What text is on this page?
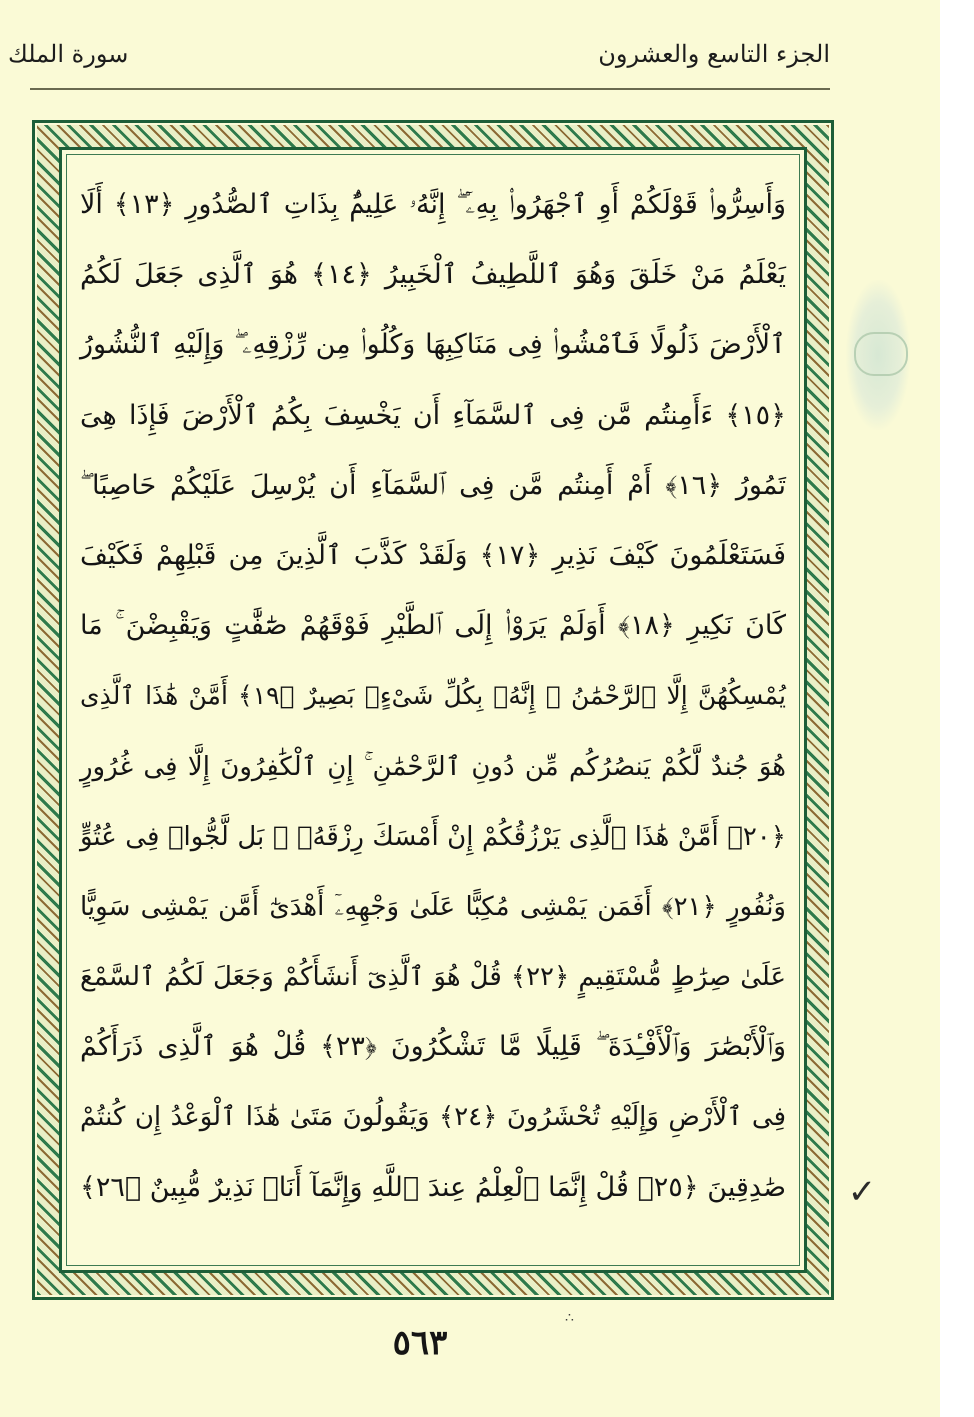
الجزء التاسع والعشرون
سورة الملك
وَأَسِرُّوا۟ قَوْلَكُمْ أَوِ ٱجْهَرُوا۟ بِهِۦٓ ۖ إِنَّهُۥ عَلِيمٌۢ بِذَاتِ ٱلصُّدُورِ ﴿١٣﴾ أَلَا
يَعْلَمُ مَنْ خَلَقَ وَهُوَ ٱللَّطِيفُ ٱلْخَبِيرُ ﴿١٤﴾ هُوَ ٱلَّذِى جَعَلَ لَكُمُ
ٱلْأَرْضَ ذَلُولًا فَٱمْشُوا۟ فِى مَنَاكِبِهَا وَكُلُوا۟ مِن رِّزْقِهِۦ ۖ وَإِلَيْهِ ٱلنُّشُورُ
﴿١٥﴾ ءَأَمِنتُم مَّن فِى ٱلسَّمَآءِ أَن يَخْسِفَ بِكُمُ ٱلْأَرْضَ فَإِذَا هِىَ
تَمُورُ ﴿١٦﴾ أَمْ أَمِنتُم مَّن فِى ٱلسَّمَآءِ أَن يُرْسِلَ عَلَيْكُمْ حَاصِبًا ۖ
فَسَتَعْلَمُونَ كَيْفَ نَذِيرِ ﴿١٧﴾ وَلَقَدْ كَذَّبَ ٱلَّذِينَ مِن قَبْلِهِمْ فَكَيْفَ
كَانَ نَكِيرِ ﴿١٨﴾ أَوَلَمْ يَرَوْا۟ إِلَى ٱلطَّيْرِ فَوْقَهُمْ صَٰٓفَّٰتٍ وَيَقْبِضْنَ ۚ مَا
يُمْسِكُهُنَّ إِلَّا ٱلرَّحْمَٰنُ ۚ إِنَّهُۥ بِكُلِّ شَىْءٍۭ بَصِيرٌ ﴿١٩﴾ أَمَّنْ هَٰذَا ٱلَّذِى
هُوَ جُندٌ لَّكُمْ يَنصُرُكُم مِّن دُونِ ٱلرَّحْمَٰنِ ۚ إِنِ ٱلْكَٰفِرُونَ إِلَّا فِى غُرُورٍ
﴿٢٠﴾ أَمَّنْ هَٰذَا ٱلَّذِى يَرْزُقُكُمْ إِنْ أَمْسَكَ رِزْقَهُۥ ۚ بَل لَّجُّوا۟ فِى عُتُوٍّ
وَنُفُورٍ ﴿٢١﴾ أَفَمَن يَمْشِى مُكِبًّا عَلَىٰ وَجْهِهِۦٓ أَهْدَىٰٓ أَمَّن يَمْشِى سَوِيًّا
عَلَىٰ صِرَٰطٍ مُّسْتَقِيمٍ ﴿٢٢﴾ قُلْ هُوَ ٱلَّذِىٓ أَنشَأَكُمْ وَجَعَلَ لَكُمُ ٱلسَّمْعَ
وَٱلْأَبْصَٰرَ وَٱلْأَفْـِٔدَةَ ۖ قَلِيلًا مَّا تَشْكُرُونَ ﴿٢٣﴾ قُلْ هُوَ ٱلَّذِى ذَرَأَكُمْ
فِى ٱلْأَرْضِ وَإِلَيْهِ تُحْشَرُونَ ﴿٢٤﴾ وَيَقُولُونَ مَتَىٰ هَٰذَا ٱلْوَعْدُ إِن كُنتُمْ
صَٰدِقِينَ ﴿٢٥﴾ قُلْ إِنَّمَا ٱلْعِلْمُ عِندَ ٱللَّهِ وَإِنَّمَآ أَنَا۠ نَذِيرٌ مُّبِينٌ ﴿٢٦﴾ ✓
∴
٥٦٣
